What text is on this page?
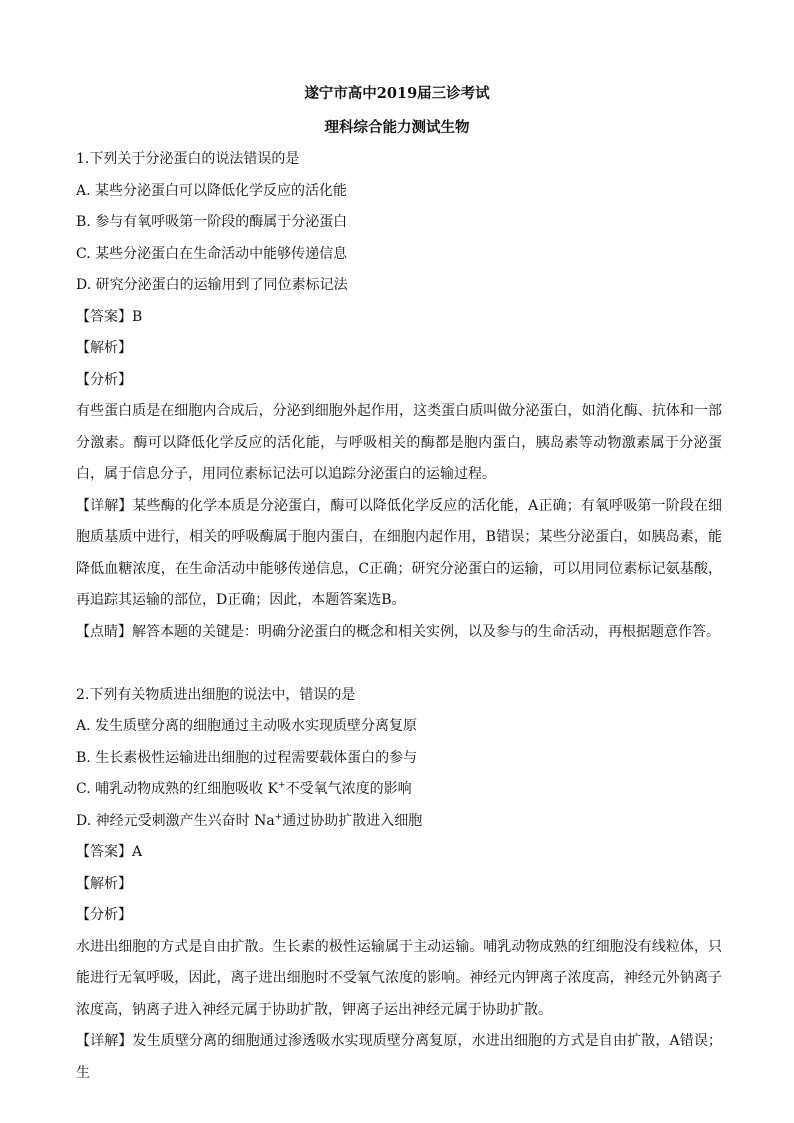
遂宁市高中2019届三诊考试

理科综合能力测试生物

1.下列关于分泌蛋白的说法错误的是

A. 某些分泌蛋白可以降低化学反应的活化能

B. 参与有氧呼吸第一阶段的酶属于分泌蛋白

C. 某些分泌蛋白在生命活动中能够传递信息

D. 研究分泌蛋白的运输用到了同位素标记法

【答案】B

【解析】

【分析】

有些蛋白质是在细胞内合成后，分泌到细胞外起作用，这类蛋白质叫做分泌蛋白，如消化酶、抗体和一部分激素。酶可以降低化学反应的活化能，与呼吸相关的酶都是胞内蛋白，胰岛素等动物激素属于分泌蛋白，属于信息分子，用同位素标记法可以追踪分泌蛋白的运输过程。

【详解】某些酶的化学本质是分泌蛋白，酶可以降低化学反应的活化能，A正确；有氧呼吸第一阶段在细胞质基质中进行，相关的呼吸酶属于胞内蛋白，在细胞内起作用，B错误；某些分泌蛋白，如胰岛素，能降低血糖浓度，在生命活动中能够传递信息，C正确；研究分泌蛋白的运输，可以用同位素标记氨基酸，再追踪其运输的部位，D正确；因此，本题答案选B。

【点睛】解答本题的关键是：明确分泌蛋白的概念和相关实例，以及参与的生命活动，再根据题意作答。

2.下列有关物质进出细胞的说法中，错误的是

A. 发生质壁分离的细胞通过主动吸水实现质壁分离复原

B. 生长素极性运输进出细胞的过程需要载体蛋白的参与

C. 哺乳动物成熟的红细胞吸收 K+不受氧气浓度的影响

D. 神经元受刺激产生兴奋时 Na+通过协助扩散进入细胞

【答案】A

【解析】

【分析】

水进出细胞的方式是自由扩散。生长素的极性运输属于主动运输。哺乳动物成熟的红细胞没有线粒体，只能进行无氧呼吸，因此，离子进出细胞时不受氧气浓度的影响。神经元内钾离子浓度高，神经元外钠离子浓度高，钠离子进入神经元属于协助扩散，钾离子运出神经元属于协助扩散。

【详解】发生质壁分离的细胞通过渗透吸水实现质壁分离复原，水进出细胞的方式是自由扩散，A错误；生
